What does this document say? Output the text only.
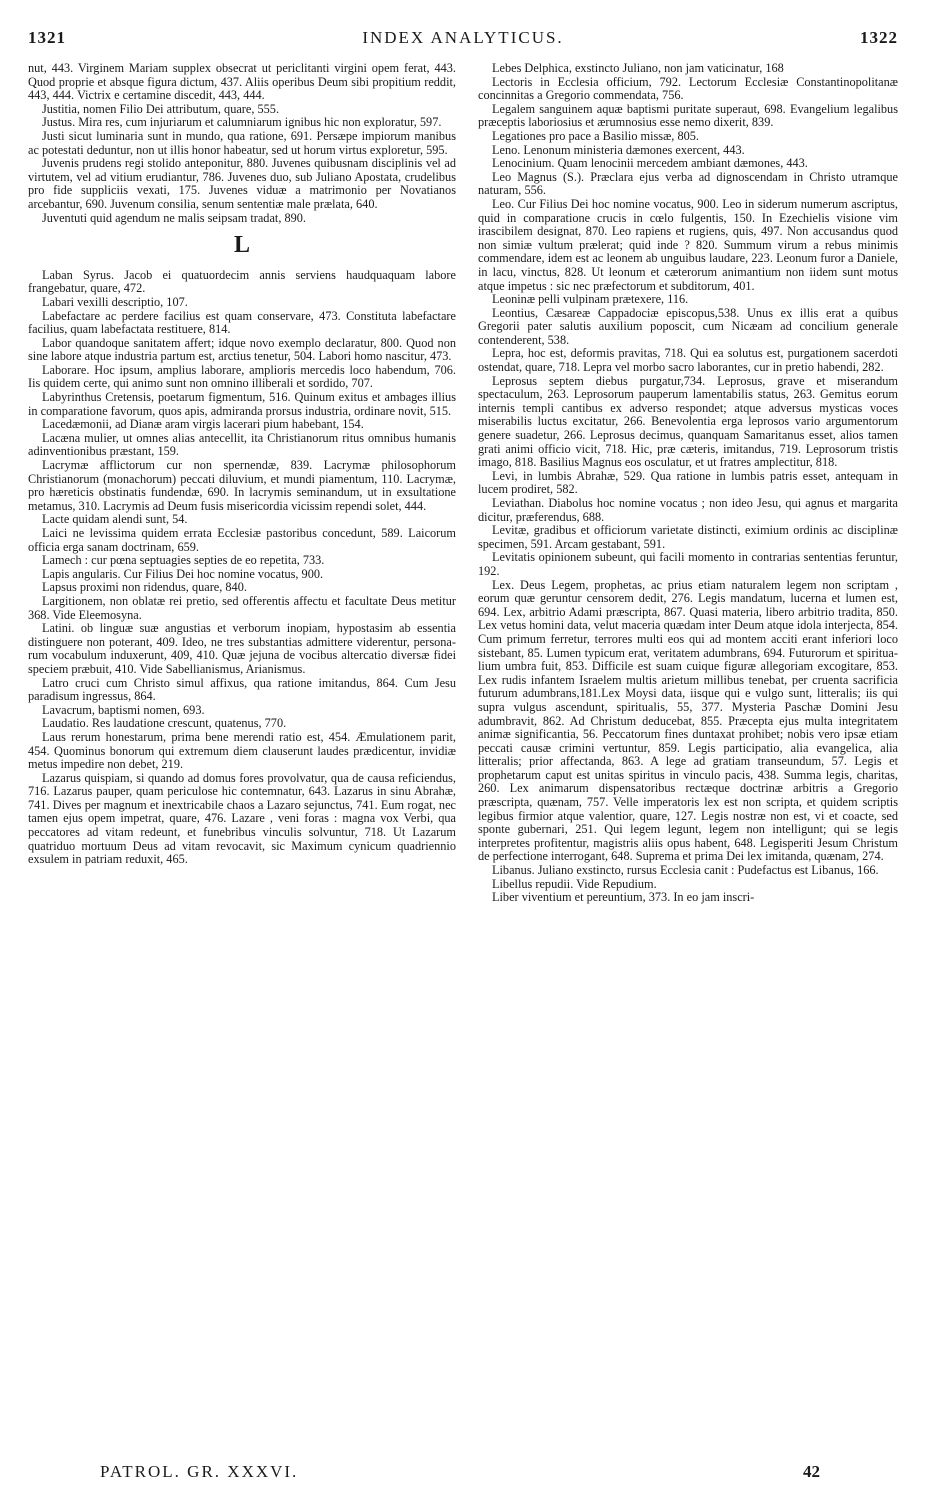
1321	INDEX ANALYTICUS.	1322

nut, 443. Virginem Mariam supplex obsecrat ut periclitanti virgini opem ferat, 443. Quod proprie et absque figura dictum, 437. Aliis operibus Deum sibi propitium reddit, 443, 444. Victrix e certamine discedit, 443, 444.

Justitia, nomen Filio Dei attributum, quare, 555.

Justus. Mira res, cum injuriarum et calumniarum ignibus hic non exploratur, 597.

Justi sicut luminaria sunt in mundo, qua ratione, 691. Persæpe impiorum manibus ac potestati deduntur, non ut illis honor habeatur, sed ut horum virtus exploretur, 595.

Juvenis prudens regi stolido anteponitur, 880. Juvenes quibusnam disciplinis vel ad virtutem, vel ad vitium erudiantur, 786. Juvenes duo, sub Juliano Apostata, crudelibus pro fide suppliciis vexati, 175. Juvenes viduæ a matrimonio per Novatianos arcebantur, 690. Juvenum consilia, senum sententiæ male prælata, 640.

Juventuti quid agendum ne malis seipsam tradat, 890.

L

Laban Syrus. Jacob ei quatuordecim annis serviens haudquaquam labore frangebatur, quare, 472.

Labari vexilli descriptio, 107.

Labefactare ac perdere facilius est quam conservare, 473. Constituta labefactare facilius, quam labefactata restituere, 814.

Labor quandoque sanitatem affert; idque novo exemplo declaratur, 800. Quod non sine labore atque industria partum est, arctius tenetur, 504. Labori homo nascitur, 473.

Laborare. Hoc ipsum, amplius laborare, amplioris mercedis loco habendum, 706. Iis quidem certe, qui animo sunt non omnino illiberali et sordido, 707.

Labyrinthus Cretensis, poetarum figmentum, 516. Quinum exitus et ambages illius in comparatione favorum, quos apis, admiranda prorsus industria, ordinare novit, 515.

Lacedæmonii, ad Dianæ aram virgis lacerari pium habebant, 154.

Lacæna mulier, ut omnes alias antecellit, ita Christianorum ritus omnibus humanis adinventionibus præstant, 159.

Lacrymæ afflictorum cur non spernendæ, 839. Lacrymæ philosophorum Christianorum (monachorum) peccati diluvium, et mundi piamentum, 110. Lacrymæ, pro hæreticis obstinatis fundendæ, 690. In lacrymis seminandum, ut in exsultatione metamus, 310. Lacrymis ad Deum fusis misericordia vicissim rependi solet, 444.

Lacte quidam alendi sunt, 54.

Laici ne levissima quidem errata Ecclesiæ pastoribus concedunt, 589. Laicorum officia erga sanam doctrinam, 659.

Lamech : cur pœna septuagies septies de eo repetita, 733.

Lapis angularis. Cur Filius Dei hoc nomine vocatus, 900.

Lapsus proximi non ridendus, quare, 840.

Largitionem, non oblatæ rei pretio, sed offerentis affectu et facultate Deus metitur 368. Vide Eleemosyna.

Latini. ob linguæ suæ angustias et verborum inopiam, hypostasim ab essentia distinguere non poterant, 409. Ideo, ne tres substantias admittere viderentur, personarum vocabulum induxerunt, 409, 410. Quæ jejuna de vocibus altercatio diversæ fidei speciem præbuit, 410. Vide Sabellianismus, Arianismus.

Latro cruci cum Christo simul affixus, qua ratione imitandus, 864. Cum Jesu paradisum ingressus, 864.

Lavacrum, baptismi nomen, 693.

Laudatio. Res laudatione crescunt, quatenus, 770.

Laus rerum honestarum, prima bene merendi ratio est, 454. Æmulationem parit, 454. Quominus bonorum qui extremum diem clauserunt laudes prædicentur, invidiæ metus impedire non debet, 219.

Lazarus quispiam, si quando ad domus fores provolvatur, qua de causa reficiendus, 716. Lazarus pauper, quam periculose hic contemnatur, 643. Lazarus in sinu Abrahæ, 741. Dives per magnum et inextricabile chaos a Lazaro sejunctus, 741. Eum rogat, nec tamen ejus opem impetrat, quare, 476. Lazare , veni foras : magna vox Verbi, qua peccatores ad vitam redeunt, et funebribus vinculis solvuntur, 718. Ut Lazarum quatriduo mortuum Deus ad vitam revocavit, sic Maximum cynicum quadriennio exsulem in patriam reduxit, 465.

Lebes Delphica, exstincto Juliano, non jam vaticinatur, 168

Lectoris in Ecclesia officium, 792. Lectorum Ecclesiæ Constantinopolitanæ concinnitas a Gregorio commendata, 756.

Legalem sanguinem aquæ baptismi puritate superaut, 698. Evangelium legalibus præceptis laboriosius et ærumnosius esse nemo dixerit, 839.

Legationes pro pace a Basilio missæ, 805.

Leno. Lenonum ministeria dæmones exercent, 443.

Lenocinium. Quam lenocinii mercedem ambiant dæmones, 443.

Leo Magnus (S.). Præclara ejus verba ad dignoscendam in Christo utramque naturam, 556.

Leo. Cur Filius Dei hoc nomine vocatus, 900. Leo in siderum numerum ascriptus, quid in comparatione crucis in cœlo fulgentis, 150. In Ezechielis visione vim irascibilem designat, 870. Leo rapiens et rugiens, quis, 497. Non accusandus quod non simiæ vultum prælerat; quid inde ? 820. Summum virum a rebus minimis commendare, idem est ac leonem ab unguibus laudare, 223. Leonum furor a Daniele, in lacu, vinctus, 828. Ut leonum et cæterorum animantium non iidem sunt motus atque impetus : sic nec præfectorum et subditorum, 401.

Leoninæ pelli vulpinam prætexere, 116.

Leontius, Cæsareæ Cappadociæ episcopus,538. Unus ex illis erat a quibus Gregorii pater salutis auxilium poposcit, cum Nicæam ad concilium generale contenderent, 538.

Lepra, hoc est, deformis pravitas, 718. Qui ea solutus est, purgationem sacerdoti ostendat, quare, 718. Lepra vel morbo sacro laborantes, cur in pretio habendi, 282.

Leprosus septem diebus purgatur,734. Leprosus, grave et miserandum spectaculum, 263. Leprosorum pauperum lamentabilis status, 263. Gemitus eorum internis templi cantibus ex adverso respondet; atque adversus mysticas voces miserabilis luctus excitatur, 266. Benevolentia erga leprosos vario argumentorum genere suadetur, 266. Leprosus decimus, quanquam Samaritanus esset, alios tamen grati animi officio vicit, 718. Hic, præ cæteris, imitandus, 719. Leprosorum tristis imago, 818. Basilius Magnus eos osculatur, et ut fratres amplectitur, 818.

Levi, in lumbis Abrahæ, 529. Qua ratione in lumbis patris esset, antequam in lucem prodiret, 582.

Leviathan. Diabolus hoc nomine vocatus ; non ideo Jesu, qui agnus et margarita dicitur, præferendus, 688.

Levitæ, gradibus et officiorum varietate distincti, eximium ordinis ac disciplinæ specimen, 591. Arcam gestabant, 591.

Levitatis opinionem subeunt, qui facili momento in contrarias sententias feruntur, 192.

Lex. Deus Legem, prophetas, ac prius etiam naturalem legem non scriptam , eorum quæ geruntur censorem dedit, 276. Legis mandatum, lucerna et lumen est, 694. Lex, arbitrio Adami præscripta, 867. Quasi materia, libero arbitrio tradita, 850. Lex vetus homini data, velut maceria quædam inter Deum atque idola interjecta, 854. Cum primum ferretur, terrores multi eos qui ad montem acciti erant inferiori loco sistebant, 85. Lumen typicum erat, veritatem adumbrans, 694. Futurorum et spiritualium umbra fuit, 853. Difficile est suam cuique figuræ allegoriam excogitare, 853. Lex rudis infantem Israelem multis arietum millibus tenebat, per cruenta sacrificia futurum adumbrans,181.Lex Moysi data, iisque qui e vulgo sunt, litteralis; iis qui supra vulgus ascendunt, spiritualis, 55, 377. Mysteria Paschæ Domini Jesu adumbravit, 862. Ad Christum deducebat, 855. Præcepta ejus multa integritatem animæ significantia, 56. Peccatorum fines duntaxat prohibet; nobis vero ipsæ etiam peccati causæ crimini vertuntur, 859. Legis participatio, alia evangelica, alia litteralis; prior affectanda, 863. A lege ad gratiam transeundum, 57. Legis et prophetarum caput est unitas spiritus in vinculo pacis, 438. Summa legis, charitas, 260. Lex animarum dispensatoribus rectæque doctrinæ arbitris a Gregorio præscripta, quænam, 757. Velle imperatoris lex est non scripta, et quidem scriptis legibus firmior atque valentior, quare, 127. Legis nostræ non est, vi et coacte, sed sponte gubernari, 251. Qui legem legunt, legem non intelligunt; qui se legis interpretes profitentur, magistris aliis opus habent, 648. Legisperiti Jesum Christum de perfectione interrogant, 648. Suprema et prima Dei lex imitanda, quænam, 274.

Libanus. Juliano exstincto, rursus Ecclesia canit : Pudefactus est Libanus, 166.

Libellus repudii. Vide Repudium.

Liber viventium et pereuntium, 373. In eo jam inscri-

PATROL. GR. XXXVI.	42
